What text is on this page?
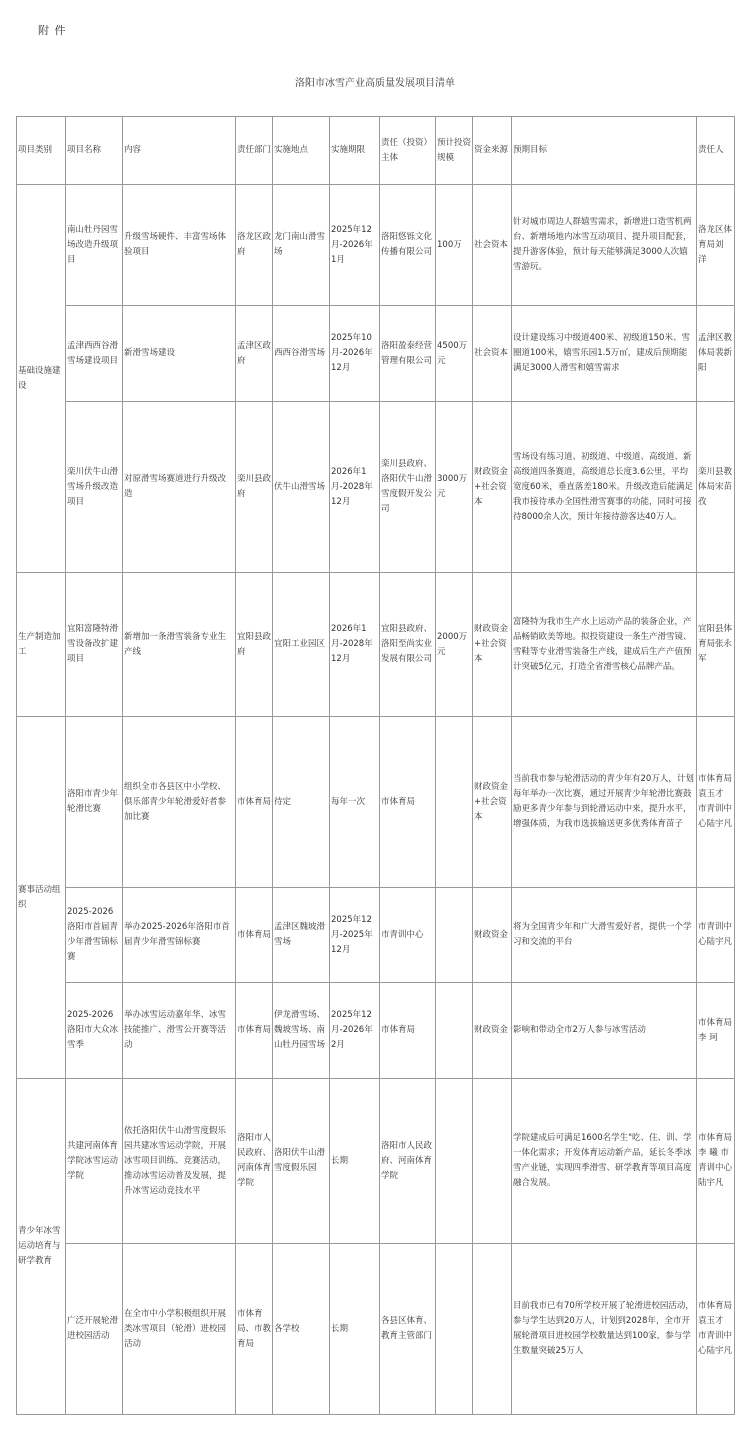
附 件
洛阳市冰雪产业高质量发展项目清单
项目类别	项目名称	内容	责任部门	实施地点	实施期限	责任（投资）主体	预计投资规模	资金来源	预期目标	责任人
基础设施建设	南山牡丹园雪场改造升级项目	升级雪场硬件、丰富雪场体验项目	洛龙区政府	龙门南山滑雪场	2025年12月-2026年1月	洛阳悠铄文化传播有限公司	100万	社会资本	针对城市周边人群嬉雪需求，新增进口造雪机两台、新增场地内冰雪互动项目、提升项目配套，提升游客体验，预计每天能够满足3000人次嬉雪游玩。	洛龙区体育局刘 洋
	孟津西西谷滑雪场建设项目	新滑雪场建设	孟津区政府	西西谷滑雪场	2025年10月-2026年12月	洛阳盈泰经营管理有限公司	4500万元	社会资本	设计建设练习中级道400米、初级道150米、雪圈道100米，嬉雪乐园1.5万㎡，建成后预期能满足3000人滑雪和嬉雪需求	孟津区教体局裴新阳
	栾川伏牛山滑雪场升级改造项目	对原滑雪场赛道进行升级改造	栾川县政府	伏牛山滑雪场	2026年1月-2028年12月	栾川县政府、洛阳伏牛山滑雪度假开发公司	3000万元	财政资金+社会资本	雪场设有练习道、初级道、中级道、高级道、新高级道四条赛道，高级道总长度3.6公里，平均宽度60米，垂直落差180米。升级改造后能满足我市接待承办全国性滑雪赛事的功能，同时可接待8000余人次，预计年接待游客达40万人。	栾川县教体局宋苗孜
生产制造加工	宜阳富隆特滑雪设备改扩建项目	新增加一条滑雪装备专业生产线	宜阳县政府	宜阳工业园区	2026年1月-2028年12月	宜阳县政府、洛阳至尚实业发展有限公司	2000万元	财政资金+社会资本	富隆特为我市生产水上运动产品的装备企业，产品畅销欧美等地。拟投资建设一条生产滑雪镜、雪鞋等专业滑雪装备生产线，建成后生产产值预计突破5亿元，打造全省滑雪核心品牌产品。	宜阳县体育局张永军
赛事活动组织	洛阳市青少年轮滑比赛	组织全市各县区中小学校、俱乐部青少年轮滑爱好者参加比赛	市体育局	待定	每年一次	市体育局		财政资金+社会资本	当前我市参与轮滑活动的青少年有20万人，计划每年举办一次比赛，通过开展青少年轮滑比赛鼓励更多青少年参与到轮滑运动中来，提升水平，增强体质，为我市选拔输送更多优秀体育苗子	市体育局袁玉才 市青训中心陆宇凡
	2025-2026洛阳市首届青少年滑雪锦标赛	举办2025-2026年洛阳市首届青少年滑雪锦标赛	市体育局	孟津区魏坡滑雪场	2025年12月-2025年12月	市青训中心		财政资金	将为全国青少年和广大滑雪爱好者，提供一个学习和交流的平台	市青训中心陆宇凡
	2025-2026洛阳市大众冰雪季	举办冰雪运动嘉年华、冰雪技能推广、滑雪公开赛等活动	市体育局	伊龙滑雪场、魏坡雪场、南山牡丹园雪场	2025年12月-2026年2月	市体育局		财政资金	影响和带动全市2万人参与冰雪活动	市体育局李 珂
青少年冰雪运动培育与研学教育	共建河南体育学院冰雪运动学院	依托洛阳伏牛山滑雪度假乐园共建冰雪运动学院，开展冰雪项目训练、竞赛活动，推动冰雪运动普及发展，提升冰雪运动竞技水平	洛阳市人民政府、河南体育学院	洛阳伏牛山滑雪度假乐园	长期	洛阳市人民政府、河南体育学院			学院建成后可满足1600名学生"吃、住、训、学一体化需求；开发体育运动新产品，延长冬季冰雪产业链，实现四季滑雪、研学教育等项目高度融合发展。	市体育局李 曦 市青训中心陆宇凡
	广泛开展轮滑进校园活动	在全市中小学积极组织开展类冰雪项目（轮滑）进校园活动	市体育局、市教育局	各学校	长期	各县区体育、教育主管部门			目前我市已有70所学校开展了轮滑进校园活动，参与学生达到20万人，计划到2028年，全市开展轮滑项目进校园学校数量达到100家，参与学生数量突破25万人	市体育局袁玉才 市青训中心陆宇凡
